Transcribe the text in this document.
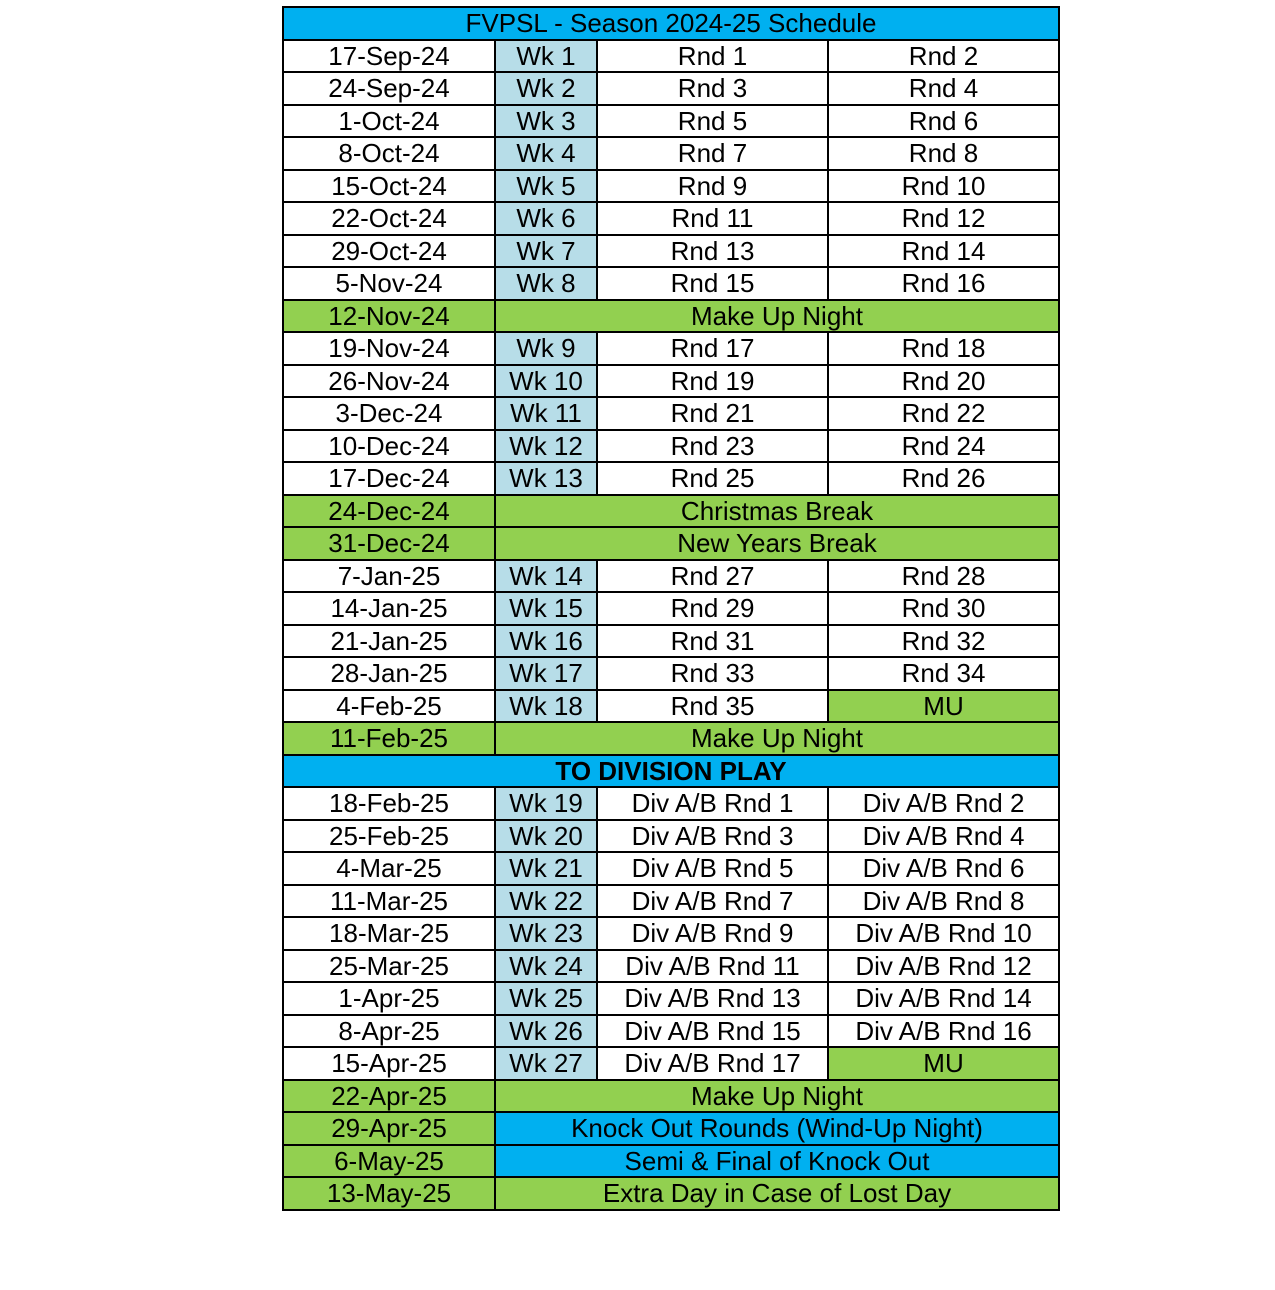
FVPSL - Season 2024-25 Schedule			
17-Sep-24	Wk 1	Rnd 1	Rnd 2
24-Sep-24	Wk 2	Rnd 3	Rnd 4
1-Oct-24	Wk 3	Rnd 5	Rnd 6
8-Oct-24	Wk 4	Rnd 7	Rnd 8
15-Oct-24	Wk 5	Rnd 9	Rnd 10
22-Oct-24	Wk 6	Rnd 11	Rnd 12
29-Oct-24	Wk 7	Rnd 13	Rnd 14
5-Nov-24	Wk 8	Rnd 15	Rnd 16
12-Nov-24	Make Up Night		
19-Nov-24	Wk 9	Rnd 17	Rnd 18
26-Nov-24	Wk 10	Rnd 19	Rnd 20
3-Dec-24	Wk 11	Rnd 21	Rnd 22
10-Dec-24	Wk 12	Rnd 23	Rnd 24
17-Dec-24	Wk 13	Rnd 25	Rnd 26
24-Dec-24	Christmas Break		
31-Dec-24	New Years Break		
7-Jan-25	Wk 14	Rnd 27	Rnd 28
14-Jan-25	Wk 15	Rnd 29	Rnd 30
21-Jan-25	Wk 16	Rnd 31	Rnd 32
28-Jan-25	Wk 17	Rnd 33	Rnd 34
4-Feb-25	Wk 18	Rnd 35	MU
11-Feb-25	Make Up Night		
TO DIVISION PLAY			
18-Feb-25	Wk 19	Div A/B Rnd 1	Div A/B Rnd 2
25-Feb-25	Wk 20	Div A/B Rnd 3	Div A/B Rnd 4
4-Mar-25	Wk 21	Div A/B Rnd 5	Div A/B Rnd 6
11-Mar-25	Wk 22	Div A/B Rnd 7	Div A/B Rnd 8
18-Mar-25	Wk 23	Div A/B Rnd 9	Div A/B Rnd 10
25-Mar-25	Wk 24	Div A/B Rnd 11	Div A/B Rnd 12
1-Apr-25	Wk 25	Div A/B Rnd 13	Div A/B Rnd 14
8-Apr-25	Wk 26	Div A/B Rnd 15	Div A/B Rnd 16
15-Apr-25	Wk 27	Div A/B Rnd 17	MU
22-Apr-25	Make Up Night		
29-Apr-25	Knock Out Rounds (Wind-Up Night)		
6-May-25	Semi & Final of Knock Out		
13-May-25	Extra Day in Case of Lost Day		
